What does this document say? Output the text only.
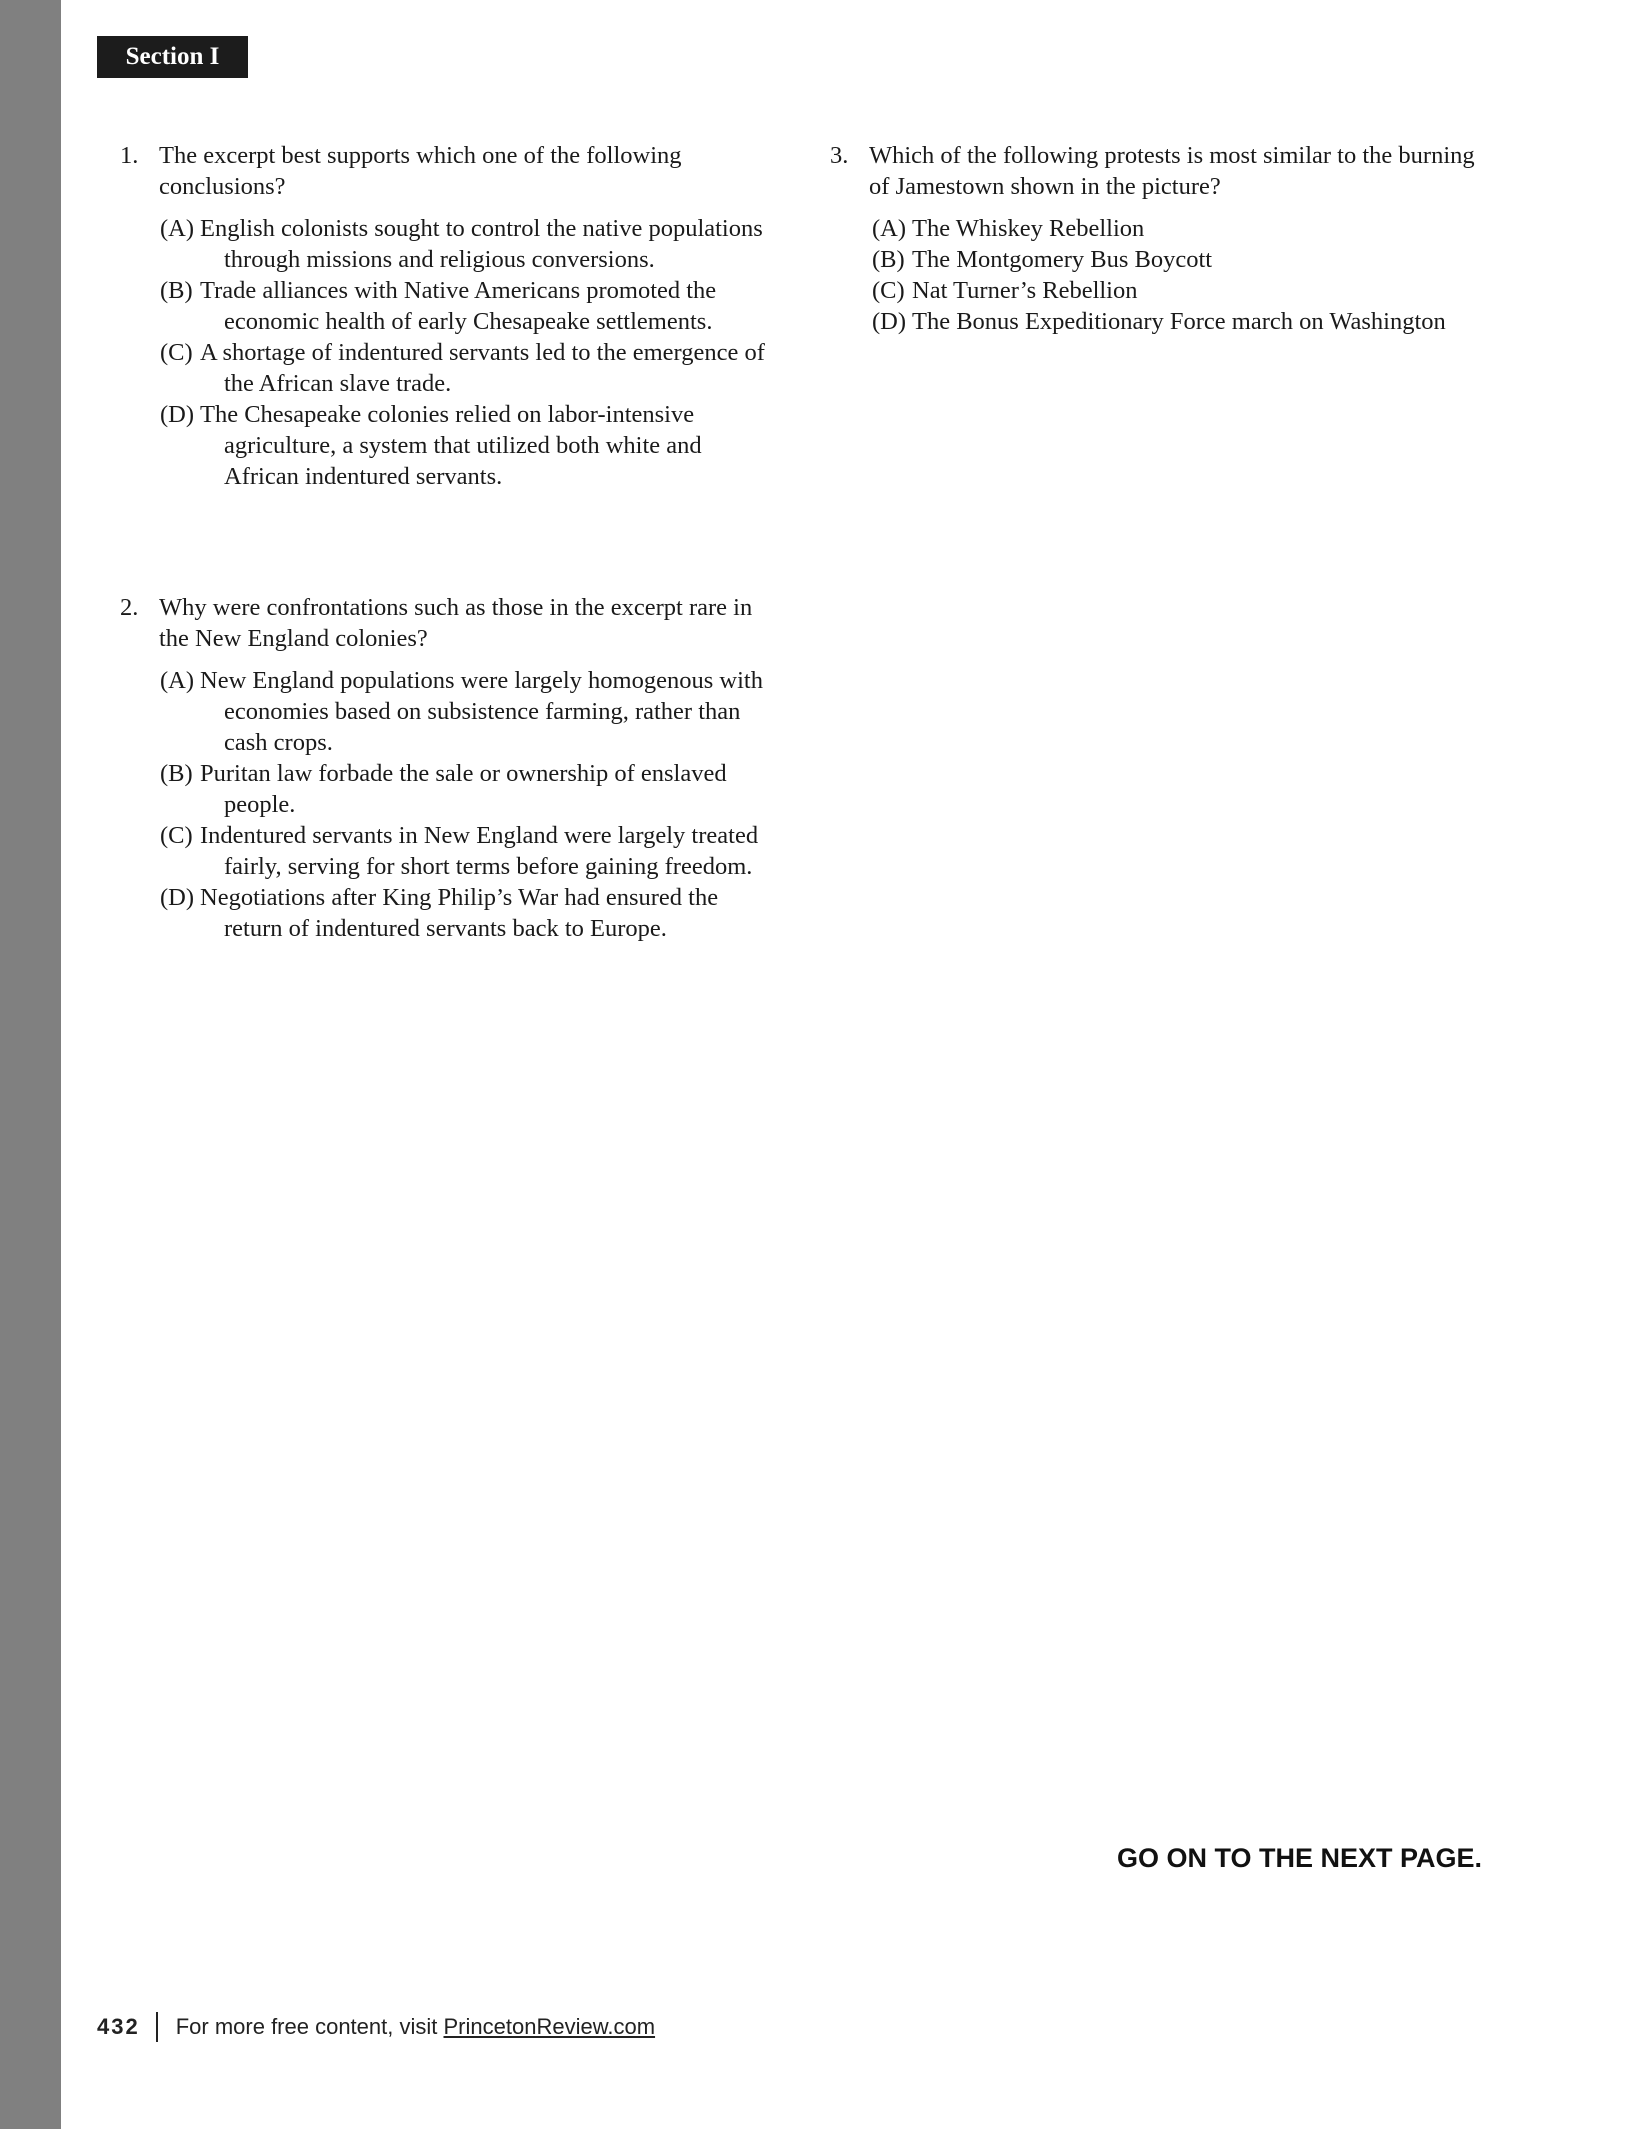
Section I
1. The excerpt best supports which one of the following conclusions?
(A) English colonists sought to control the native populations through missions and religious conversions.
(B) Trade alliances with Native Americans promoted the economic health of early Chesapeake settlements.
(C) A shortage of indentured servants led to the emergence of the African slave trade.
(D) The Chesapeake colonies relied on labor-intensive agriculture, a system that utilized both white and African indentured servants.
2. Why were confrontations such as those in the excerpt rare in the New England colonies?
(A) New England populations were largely homogenous with economies based on subsistence farming, rather than cash crops.
(B) Puritan law forbade the sale or ownership of enslaved people.
(C) Indentured servants in New England were largely treated fairly, serving for short terms before gaining freedom.
(D) Negotiations after King Philip’s War had ensured the return of indentured servants back to Europe.
3. Which of the following protests is most similar to the burning of Jamestown shown in the picture?
(A) The Whiskey Rebellion
(B) The Montgomery Bus Boycott
(C) Nat Turner’s Rebellion
(D) The Bonus Expeditionary Force march on Washington
GO ON TO THE NEXT PAGE.
432 For more free content, visit
PrincetonReview.com
